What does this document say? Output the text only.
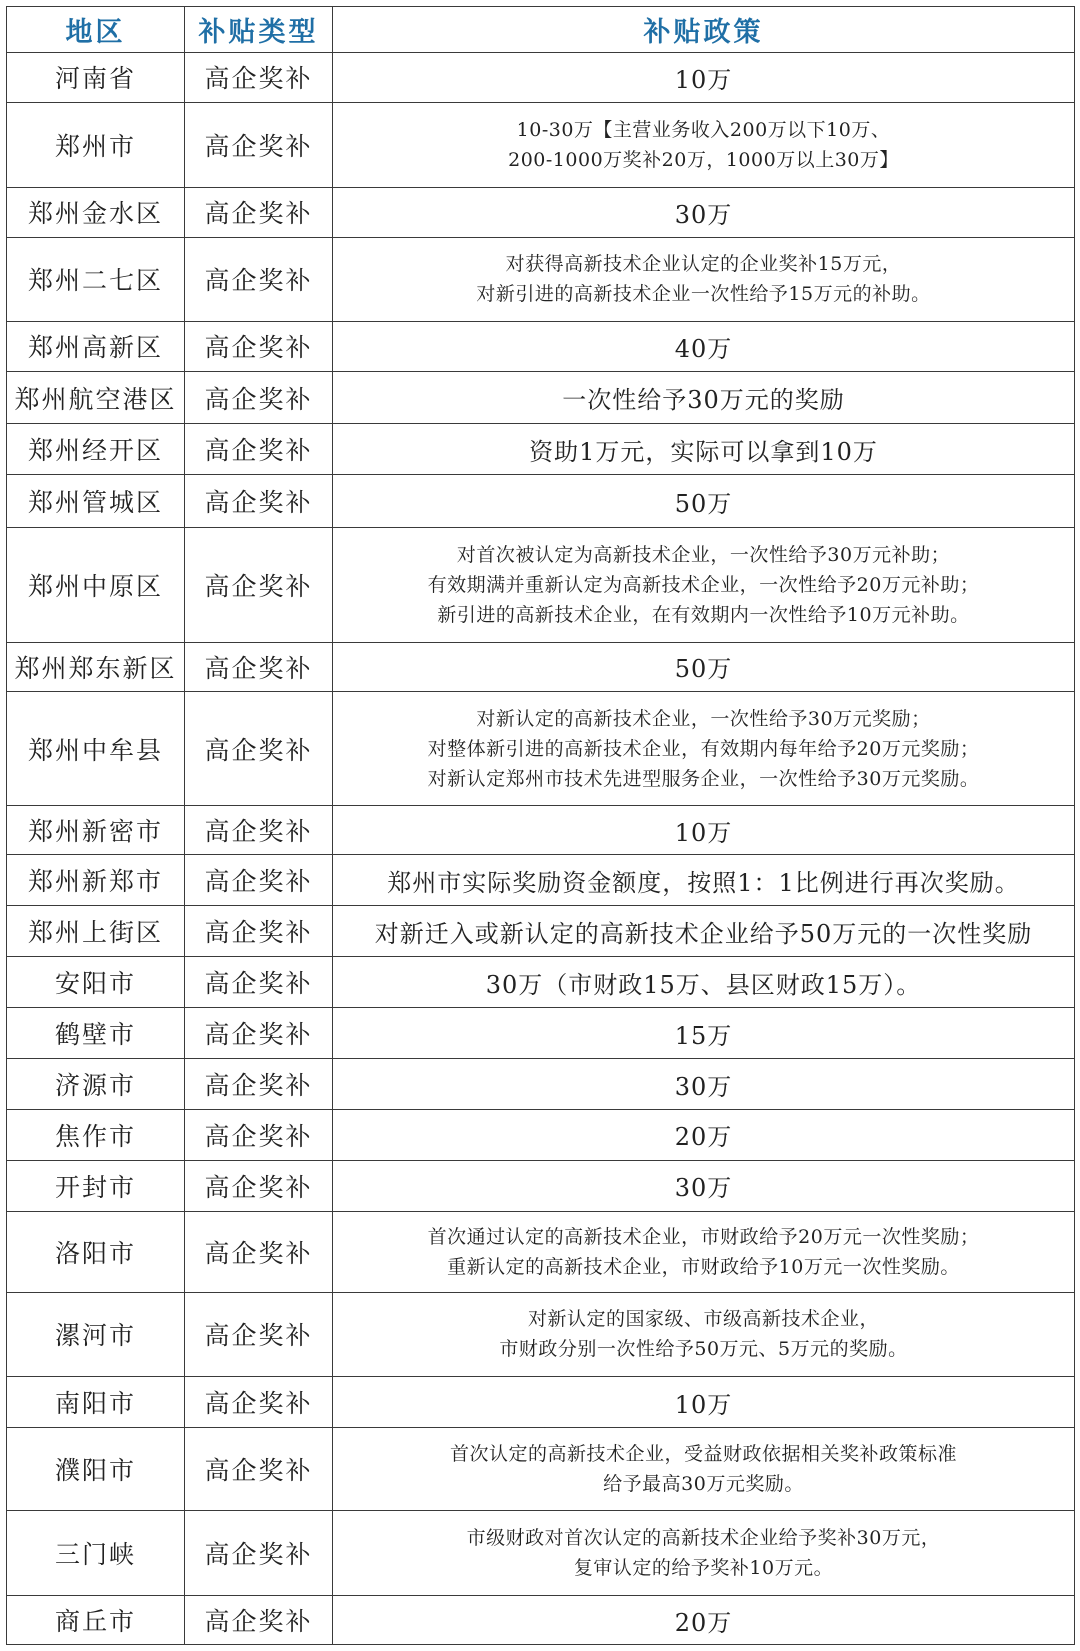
地区	补贴类型	补贴政策
河南省	高企奖补	10万

郑州市	高企奖补	10-30万【主营业务收入200万以下10万、
200-1000万奖补20万，1000万以上30万】

郑州金水区	高企奖补	30万

郑州二七区	高企奖补	对获得高新技术企业认定的企业奖补15万元，
对新引进的高新技术企业一次性给予15万元的补助。

郑州高新区	高企奖补	40万

郑州航空港区	高企奖补	一次性给予30万元的奖励

郑州经开区	高企奖补	资助1万元，实际可以拿到10万

郑州管城区	高企奖补	50万

郑州中原区	高企奖补	对首次被认定为高新技术企业，一次性给予30万元补助；
有效期满并重新认定为高新技术企业，一次性给予20万元补助；
新引进的高新技术企业，在有效期内一次性给予10万元补助。

郑州郑东新区	高企奖补	50万

郑州中牟县	高企奖补	对新认定的高新技术企业，一次性给予30万元奖励；
对整体新引进的高新技术企业，有效期内每年给予20万元奖励；
对新认定郑州市技术先进型服务企业，一次性给予30万元奖励。

郑州新密市	高企奖补	10万

郑州新郑市	高企奖补	郑州市实际奖励资金额度，按照1：1比例进行再次奖励。

郑州上街区	高企奖补	对新迁入或新认定的高新技术企业给予50万元的一次性奖励

安阳市	高企奖补	30万（市财政15万、县区财政15万）。

鹤壁市	高企奖补	15万

济源市	高企奖补	30万

焦作市	高企奖补	20万

开封市	高企奖补	30万

洛阳市	高企奖补	首次通过认定的高新技术企业，市财政给予20万元一次性奖励；
重新认定的高新技术企业，市财政给予10万元一次性奖励。

漯河市	高企奖补	对新认定的国家级、市级高新技术企业，
市财政分别一次性给予50万元、5万元的奖励。

南阳市	高企奖补	10万

濮阳市	高企奖补	首次认定的高新技术企业，受益财政依据相关奖补政策标准
给予最高30万元奖励。

三门峡	高企奖补	市级财政对首次认定的高新技术企业给予奖补30万元，
复审认定的给予奖补10万元。

商丘市	高企奖补	20万
